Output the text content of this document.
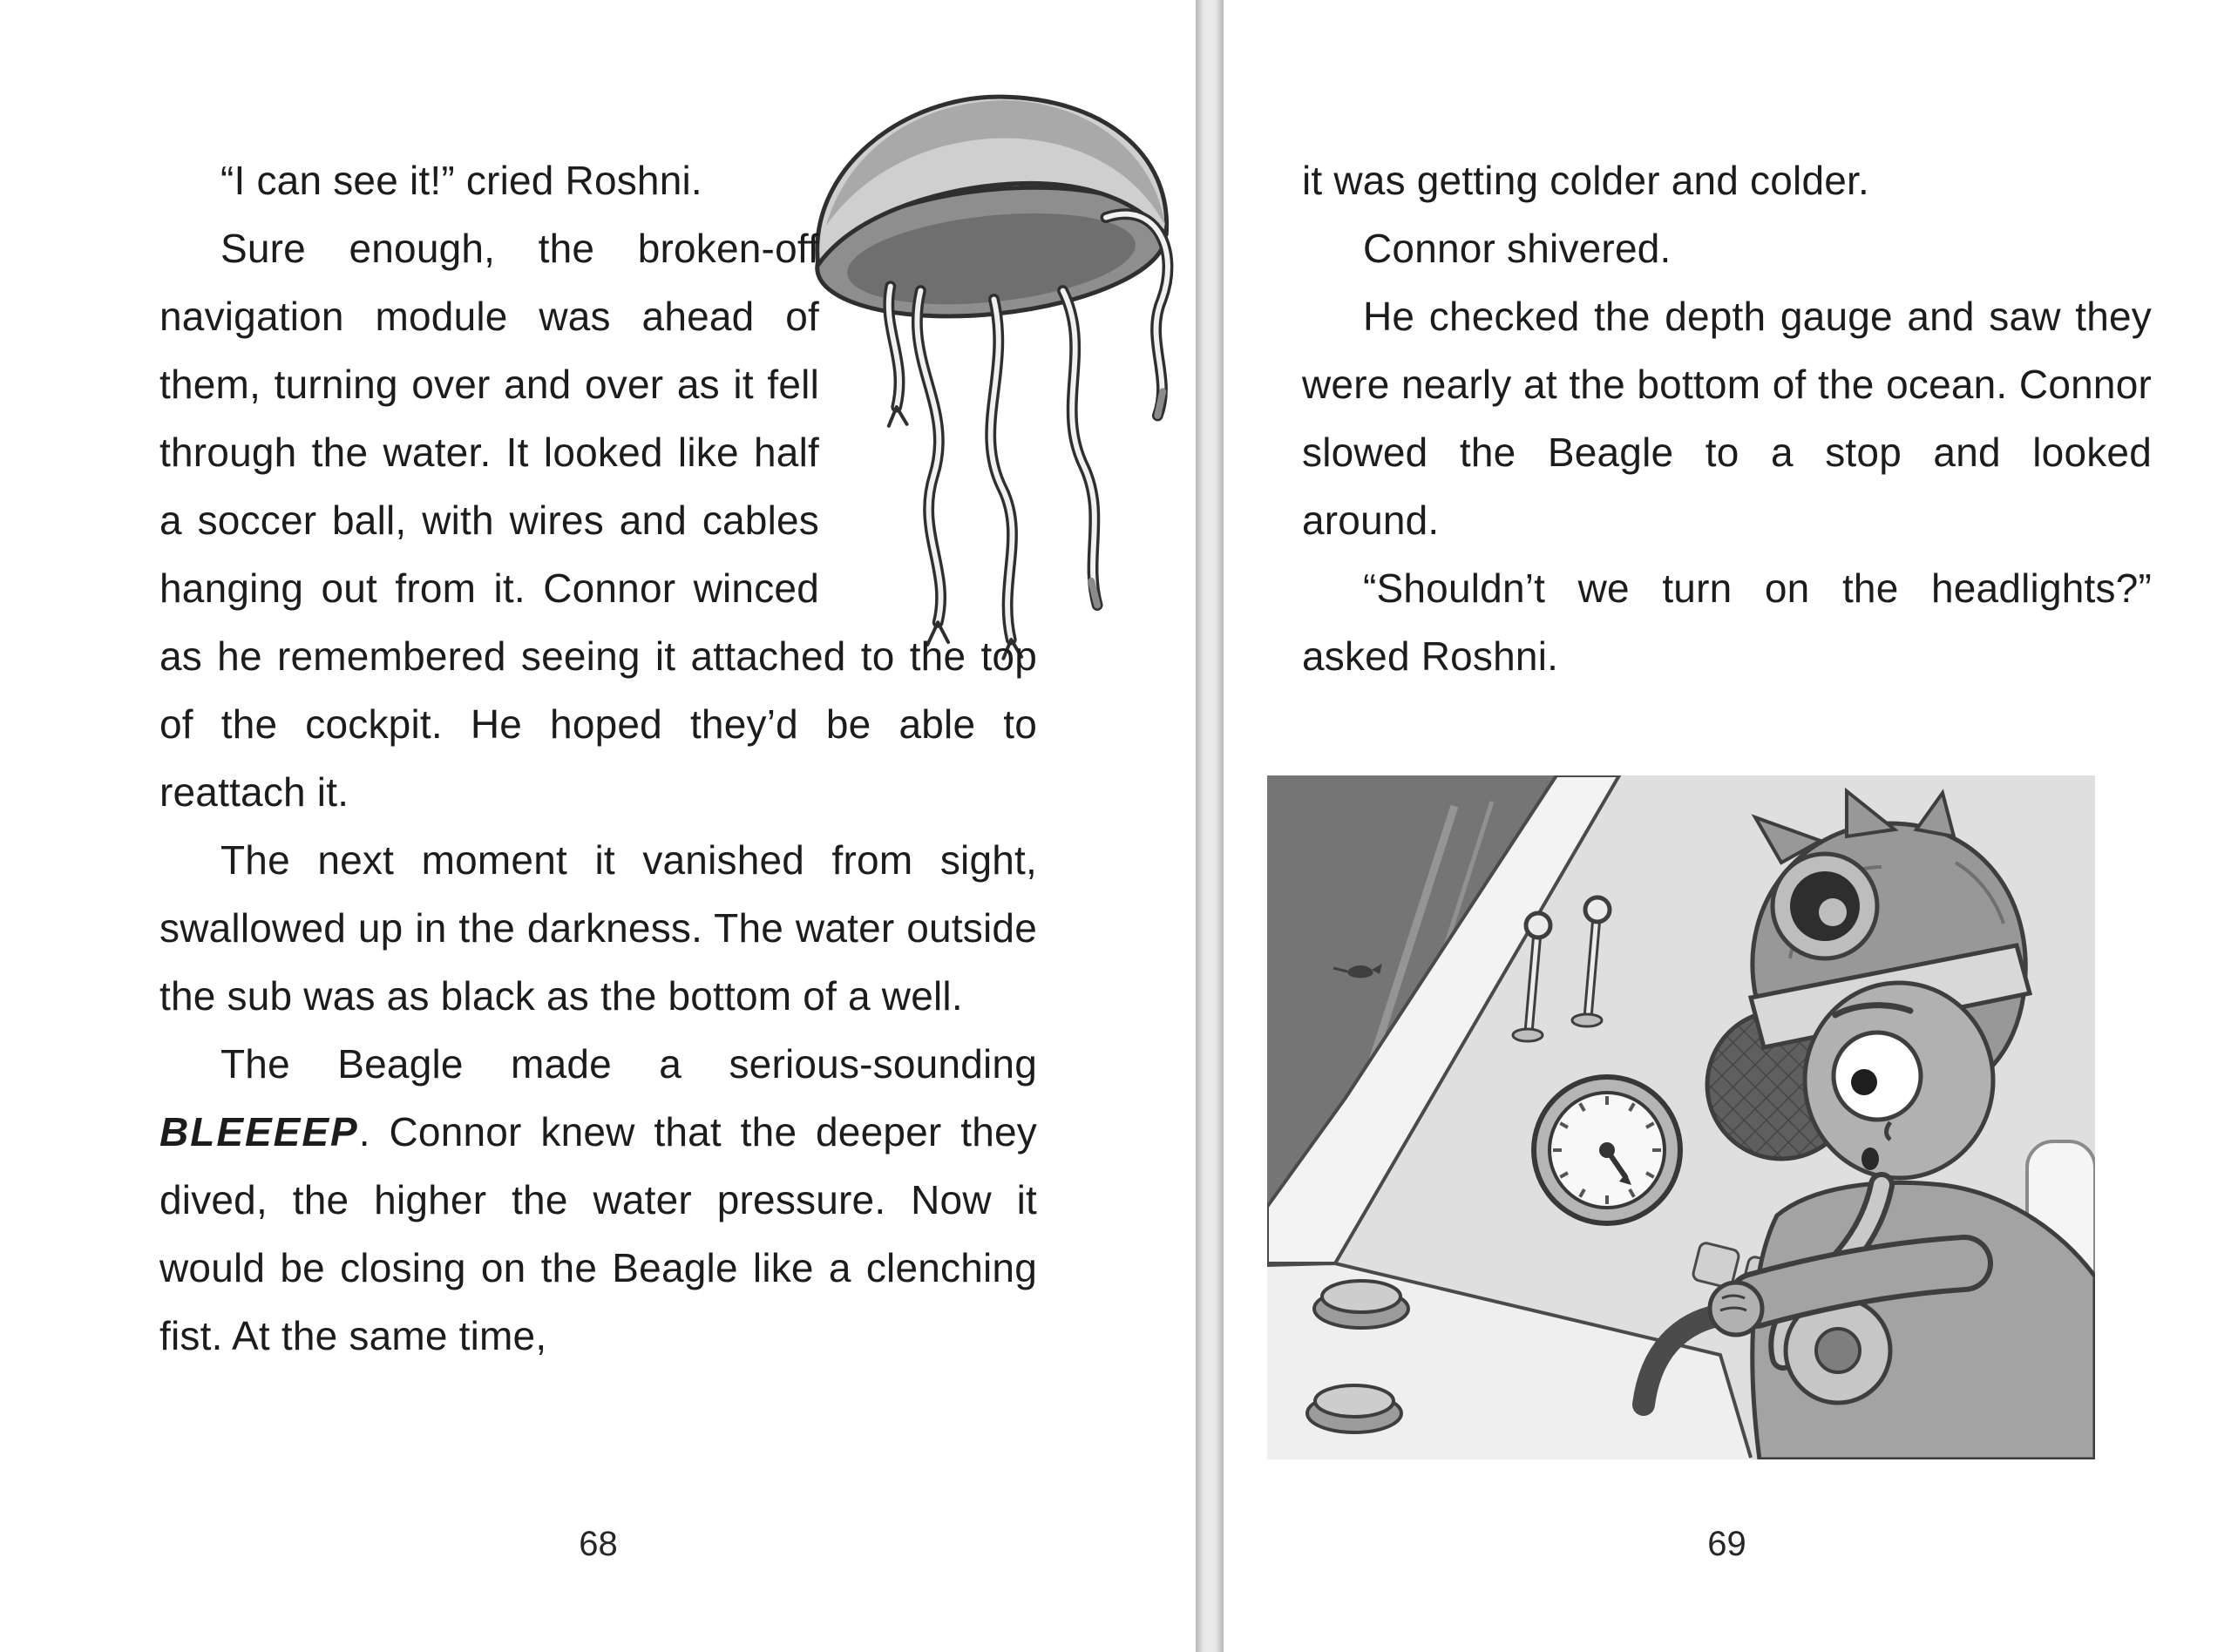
“I can see it!” cried Roshni.

Sure enough, the broken-off navigation module was ahead of them, turning over and over as it fell through the water. It looked like half a soccer ball, with wires and cables hanging out from it. Connor winced as he remembered seeing it attached to the top of the cockpit. He hoped they’d be able to reattach it.

The next moment it vanished from sight, swallowed up in the darkness. The water outside the sub was as black as the bottom of a well.

The Beagle made a serious-sounding BLEEEEP. Connor knew that the deeper they dived, the higher the water pressure. Now it would be closing on the Beagle like a clenching fist. At the same time,

68

it was getting colder and colder.

Connor shivered.

He checked the depth gauge and saw they were nearly at the bottom of the ocean. Connor slowed the Beagle to a stop and looked around.

“Shouldn’t we turn on the headlights?” asked Roshni.

69
